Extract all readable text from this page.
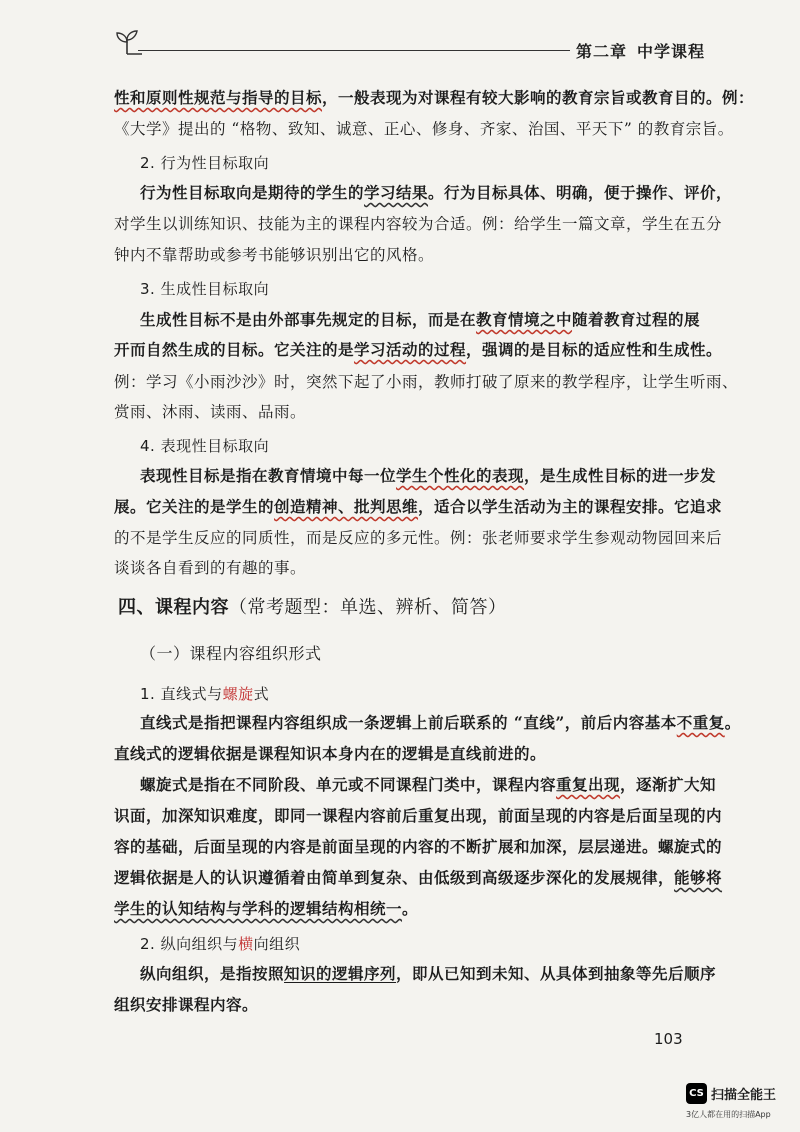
第二章 中学课程
性和原则性规范与指导的目标，一般表现为对课程有较大影响的教育宗旨或教育目的。例：
《大学》提出的 “格物、致知、诚意、正心、修身、齐家、治国、平天下” 的教育宗旨。
2. 行为性目标取向
行为性目标取向是期待的学生的学习结果。行为目标具体、明确，便于操作、评价，
对学生以训练知识、技能为主的课程内容较为合适。例：给学生一篇文章，学生在五分
钟内不靠帮助或参考书能够识别出它的风格。
3. 生成性目标取向
生成性目标不是由外部事先规定的目标，而是在教育情境之中随着教育过程的展
开而自然生成的目标。它关注的是学习活动的过程，强调的是目标的适应性和生成性。
例：学习《小雨沙沙》时，突然下起了小雨，教师打破了原来的教学程序，让学生听雨、
赏雨、沐雨、读雨、品雨。
4. 表现性目标取向
表现性目标是指在教育情境中每一位学生个性化的表现，是生成性目标的进一步发
展。它关注的是学生的创造精神、批判思维，适合以学生活动为主的课程安排。它追求
的不是学生反应的同质性，而是反应的多元性。例：张老师要求学生参观动物园回来后
谈谈各自看到的有趣的事。
四、课程内容（常考题型：单选、辨析、简答）
（一）课程内容组织形式
1. 直线式与螺旋式
直线式是指把课程内容组织成一条逻辑上前后联系的 “直线”，前后内容基本不重复。
直线式的逻辑依据是课程知识本身内在的逻辑是直线前进的。
螺旋式是指在不同阶段、单元或不同课程门类中，课程内容重复出现，逐渐扩大知
识面，加深知识难度，即同一课程内容前后重复出现，前面呈现的内容是后面呈现的内
容的基础，后面呈现的内容是前面呈现的内容的不断扩展和加深，层层递进。螺旋式的
逻辑依据是人的认识遵循着由简单到复杂、由低级到高级逐步深化的发展规律，能够将
学生的认知结构与学科的逻辑结构相统一。
2. 纵向组织与横向组织
纵向组织，是指按照知识的逻辑序列，即从已知到未知、从具体到抽象等先后顺序
组织安排课程内容。
103
CS 扫描全能王
3亿人都在用的扫描App
